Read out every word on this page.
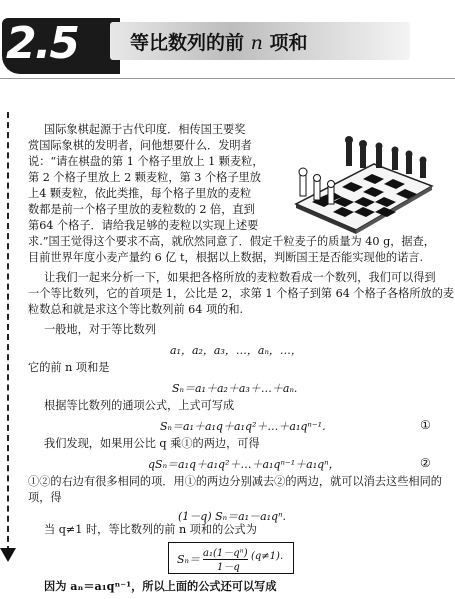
2.5	等比数列的前 n 项和
国际象棋起源于古代印度．相传国王要奖
赏国际象棋的发明者，问他想要什么．发明者
说：“请在棋盘的第 1 个格子里放上 1 颗麦粒，
第 2 个格子里放上 2 颗麦粒，第 3 个格子里放
上4 颗麦粒，依此类推，每个格子里放的麦粒
数都是前一个格子里放的麦粒数的 2 倍，直到
第64 个格子．请给我足够的麦粒以实现上述要
求.”国王觉得这个要求不高，就欣然同意了．假定千粒麦子的质量为 40 g，据查，
目前世界年度小麦产量约 6 亿 t，根据以上数据，判断国王是否能实现他的诺言.
让我们一起来分析一下，如果把各格所放的麦粒数看成一个数列，我们可以得到
一个等比数列，它的首项是 1，公比是 2，求第 1 个格子到第 64 个格子各格所放的麦
粒数总和就是求这个等比数列前 64 项的和.
一般地，对于等比数列
a₁，a₂，a₃，…，aₙ，…，
它的前 n 项和是
Sₙ＝a₁＋a₂＋a₃＋…＋aₙ.
根据等比数列的通项公式，上式可写成
Sₙ＝a₁＋a₁q＋a₁q²＋…＋a₁qⁿ⁻¹.	①
我们发现，如果用公比 q 乘①的两边，可得
qSₙ＝a₁q＋a₁q²＋…＋a₁qⁿ⁻¹＋a₁qⁿ，	②
①②的右边有很多相同的项．用①的两边分别减去②的两边，就可以消去这些相同的
项，得
(1－q) Sₙ＝a₁－a₁qⁿ.
当 q≠1 时，等比数列的前 n 项和的公式为
Sₙ＝ a₁(1－qⁿ)
1－q
(q≠1).
因为 aₙ＝a₁qⁿ⁻¹，所以上面的公式还可以写成
